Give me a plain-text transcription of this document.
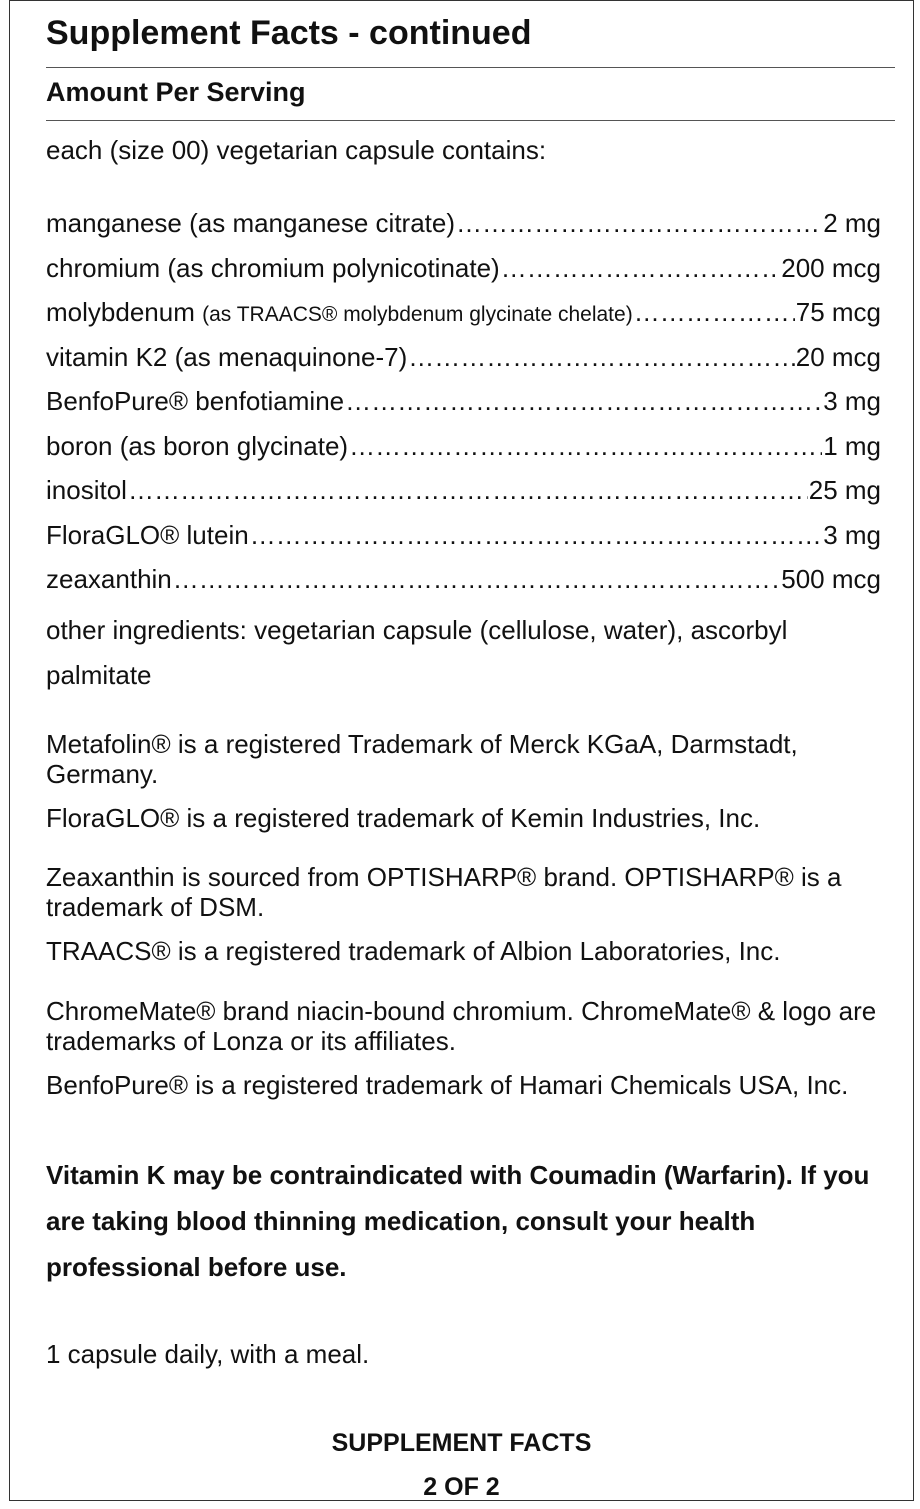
Supplement Facts - continued
Amount Per Serving
each (size 00) vegetarian capsule contains:
manganese (as manganese citrate) ……………………………………………………………………………………………………………………………………………………	2 mg
chromium (as chromium polynicotinate) ……………………………………………………………………………………………………………………………………………………	200 mcg
molybdenum (as TRAACS® molybdenum glycinate chelate) ……………………………………………………………………………………………………………………………………………………	75 mcg
vitamin K2 (as menaquinone-7) ……………………………………………………………………………………………………………………………………………………	20 mcg
BenfoPure® benfotiamine ……………………………………………………………………………………………………………………………………………………	3 mg
boron (as boron glycinate) ……………………………………………………………………………………………………………………………………………………	1 mg
inositol ……………………………………………………………………………………………………………………………………………………	25 mg
FloraGLO® lutein ……………………………………………………………………………………………………………………………………………………	3 mg
zeaxanthin ……………………………………………………………………………………………………………………………………………………	500 mcg
other ingredients: vegetarian capsule (cellulose, water), ascorbyl palmitate
Metafolin® is a registered Trademark of Merck KGaA, Darmstadt, Germany.
FloraGLO® is a registered trademark of Kemin Industries, Inc.
Zeaxanthin is sourced from OPTISHARP® brand. OPTISHARP® is a trademark of DSM.
TRAACS® is a registered trademark of Albion Laboratories, Inc.
ChromeMate® brand niacin-bound chromium. ChromeMate® & logo are trademarks of Lonza or its affiliates.
BenfoPure® is a registered trademark of Hamari Chemicals USA, Inc.
Vitamin K may be contraindicated with Coumadin (Warfarin). If you are taking blood thinning medication, consult your health professional before use.
1 capsule daily, with a meal.
SUPPLEMENT FACTS
2 OF 2
